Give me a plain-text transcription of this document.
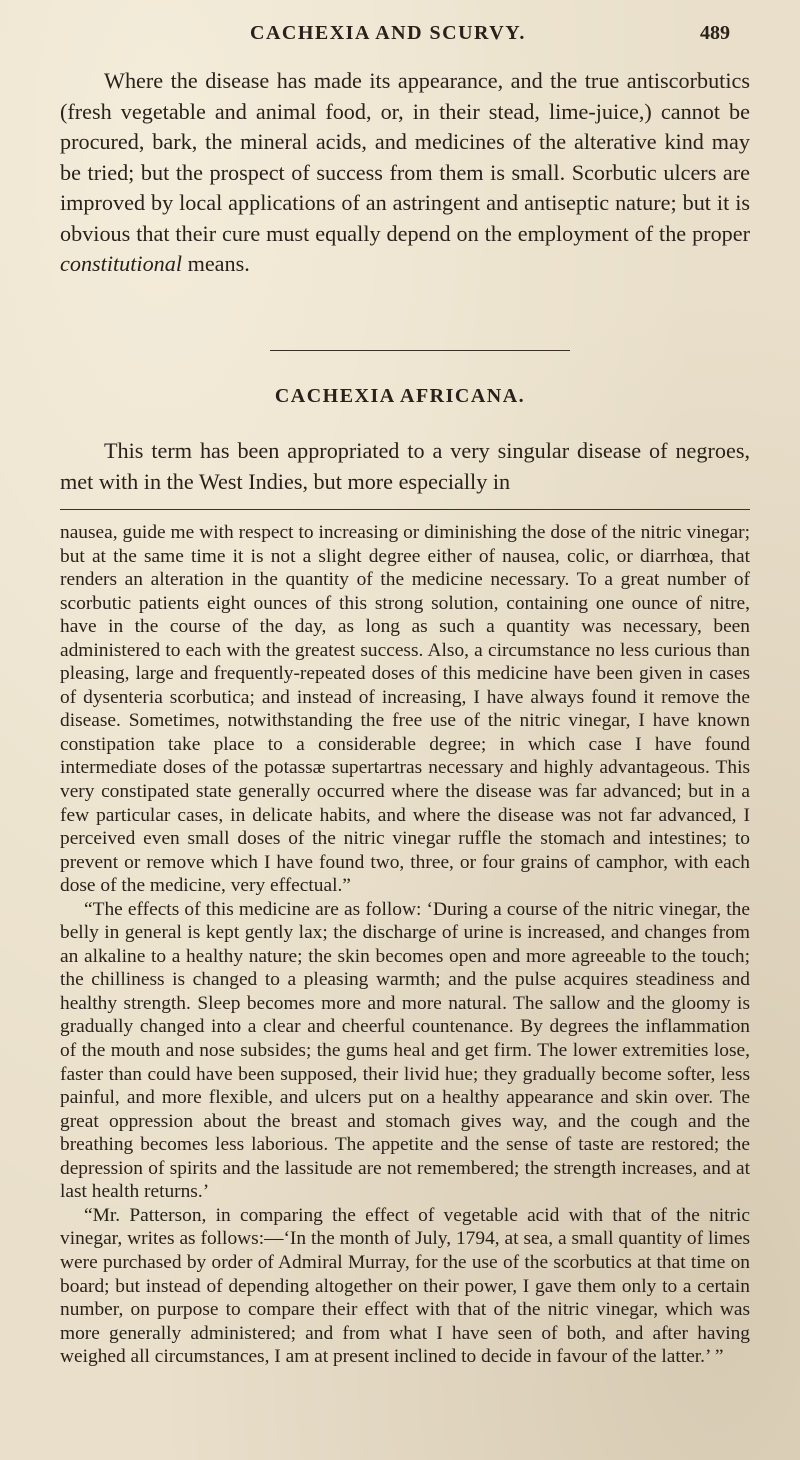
CACHEXIA AND SCURVY.	489

Where the disease has made its appearance, and the true antiscorbutics (fresh vegetable and animal food, or, in their stead, lime-juice,) cannot be procured, bark, the mineral acids, and medicines of the alterative kind may be tried; but the prospect of success from them is small. Scorbutic ulcers are improved by local applications of an astringent and antiseptic nature; but it is obvious that their cure must equally depend on the employment of the proper constitutional means.

CACHEXIA AFRICANA.

This term has been appropriated to a very singular disease of negroes, met with in the West Indies, but more especially in

nausea, guide me with respect to increasing or diminishing the dose of the nitric vinegar; but at the same time it is not a slight degree either of nausea, colic, or diarrhœa, that renders an alteration in the quantity of the medicine necessary. To a great number of scorbutic patients eight ounces of this strong solution, containing one ounce of nitre, have in the course of the day, as long as such a quantity was necessary, been administered to each with the greatest success. Also, a circumstance no less curious than pleasing, large and frequently-repeated doses of this medicine have been given in cases of dysenteria scorbutica; and instead of increasing, I have always found it remove the disease. Sometimes, notwithstanding the free use of the nitric vinegar, I have known constipation take place to a considerable degree; in which case I have found intermediate doses of the potassæ supertartras necessary and highly advantageous. This very constipated state generally occurred where the disease was far advanced; but in a few particular cases, in delicate habits, and where the disease was not far advanced, I perceived even small doses of the nitric vinegar ruffle the stomach and intestines; to prevent or remove which I have found two, three, or four grains of camphor, with each dose of the medicine, very effectual.”

“The effects of this medicine are as follow: ‘During a course of the nitric vinegar, the belly in general is kept gently lax; the discharge of urine is increased, and changes from an alkaline to a healthy nature; the skin becomes open and more agreeable to the touch; the chilliness is changed to a pleasing warmth; and the pulse acquires steadiness and healthy strength. Sleep becomes more and more natural. The sallow and the gloomy is gradually changed into a clear and cheerful countenance. By degrees the inflammation of the mouth and nose subsides; the gums heal and get firm. The lower extremities lose, faster than could have been supposed, their livid hue; they gradually become softer, less painful, and more flexible, and ulcers put on a healthy appearance and skin over. The great oppression about the breast and stomach gives way, and the cough and the breathing becomes less laborious. The appetite and the sense of taste are restored; the depression of spirits and the lassitude are not remembered; the strength increases, and at last health returns.’

“Mr. Patterson, in comparing the effect of vegetable acid with that of the nitric vinegar, writes as follows:—‘In the month of July, 1794, at sea, a small quantity of limes were purchased by order of Admiral Murray, for the use of the scorbutics at that time on board; but instead of depending altogether on their power, I gave them only to a certain number, on purpose to compare their effect with that of the nitric vinegar, which was more generally administered; and from what I have seen of both, and after having weighed all circumstances, I am at present inclined to decide in favour of the latter.’ ”
